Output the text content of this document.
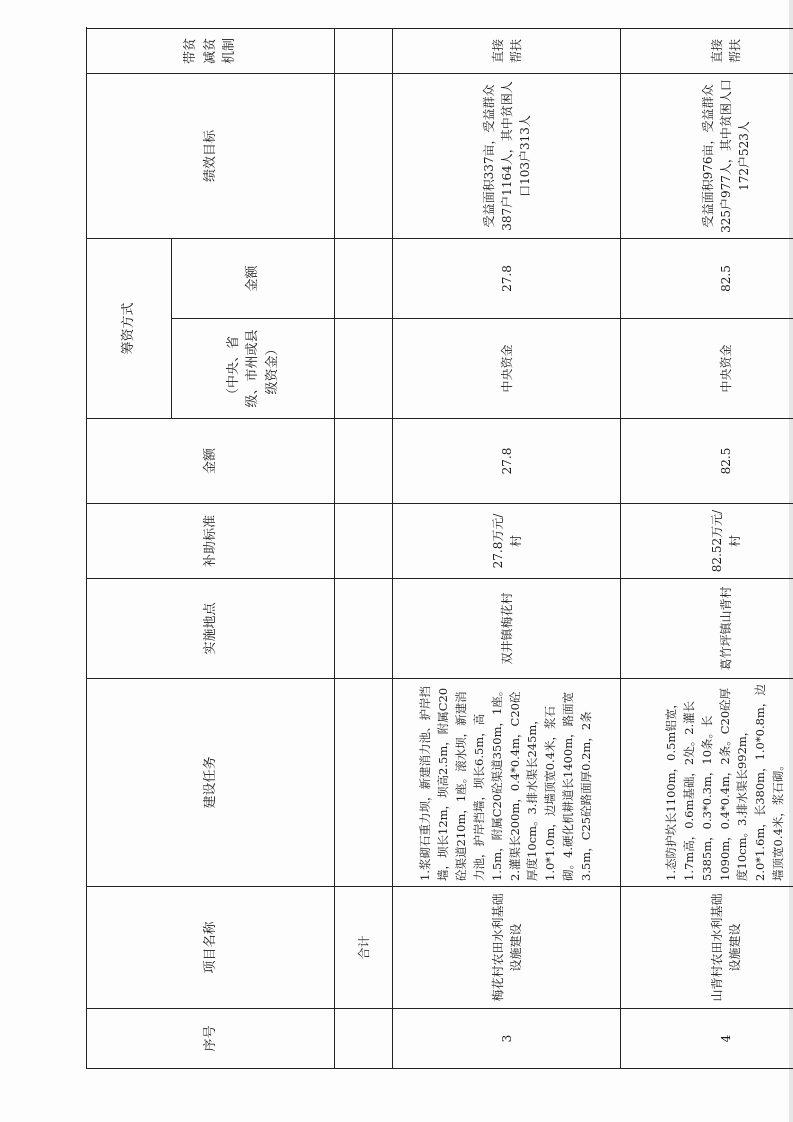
序号	项目名称	建设任务	实施地点	补助标准	金额	筹资方式		绩效目标	带贫减贫机制		
						（中央、省级、市州或县级资金）	金额				

	合计												
3	梅花村农田水利基础设施建设	1.浆砌石重力坝，新建消力池、护岸挡墙，坝长12m，坝高2.5m，附属C20砼渠道210m，1座。滚水坝，新建消力池，护岸挡墙，坝长6.5m，高1.5m，附属C20砼渠道350m，1座。2.灌渠长200m，0.4*0.4m，C20砼厚度10cm。3.排水渠长245m，1.0*1.0m，边墙顶宽0.4米，浆石砌。4.硬化机耕道长1400m，路面宽3.5m，C25砼路面厚0.2m，2条	双井镇梅花村	27.8万元/村	27.8	中央资金	27.8	受益面积337亩，受益群众387户1164人，其中贫困人口103户313人	直接帮扶				
4	山背村农田水利基础设施建设	1.态防护坎长1100m，0.5m铝宽，1.7m高，0.6m基础，2处。2.灌长5385m，0.3*0.3m，10条。长1090m，0.4*0.4m，2条。C20砼厚度10cm。3.排水渠长992m，2.0*1.6m，长380m，1.0*0.8m，边墙顶宽0.4米，浆石砌。	葛竹坪镇山背村	82.52万元/村	82.5	中央资金	82.5	受益面积976亩，受益群众325户977人，其中贫困人口172户523人	直接帮扶				
